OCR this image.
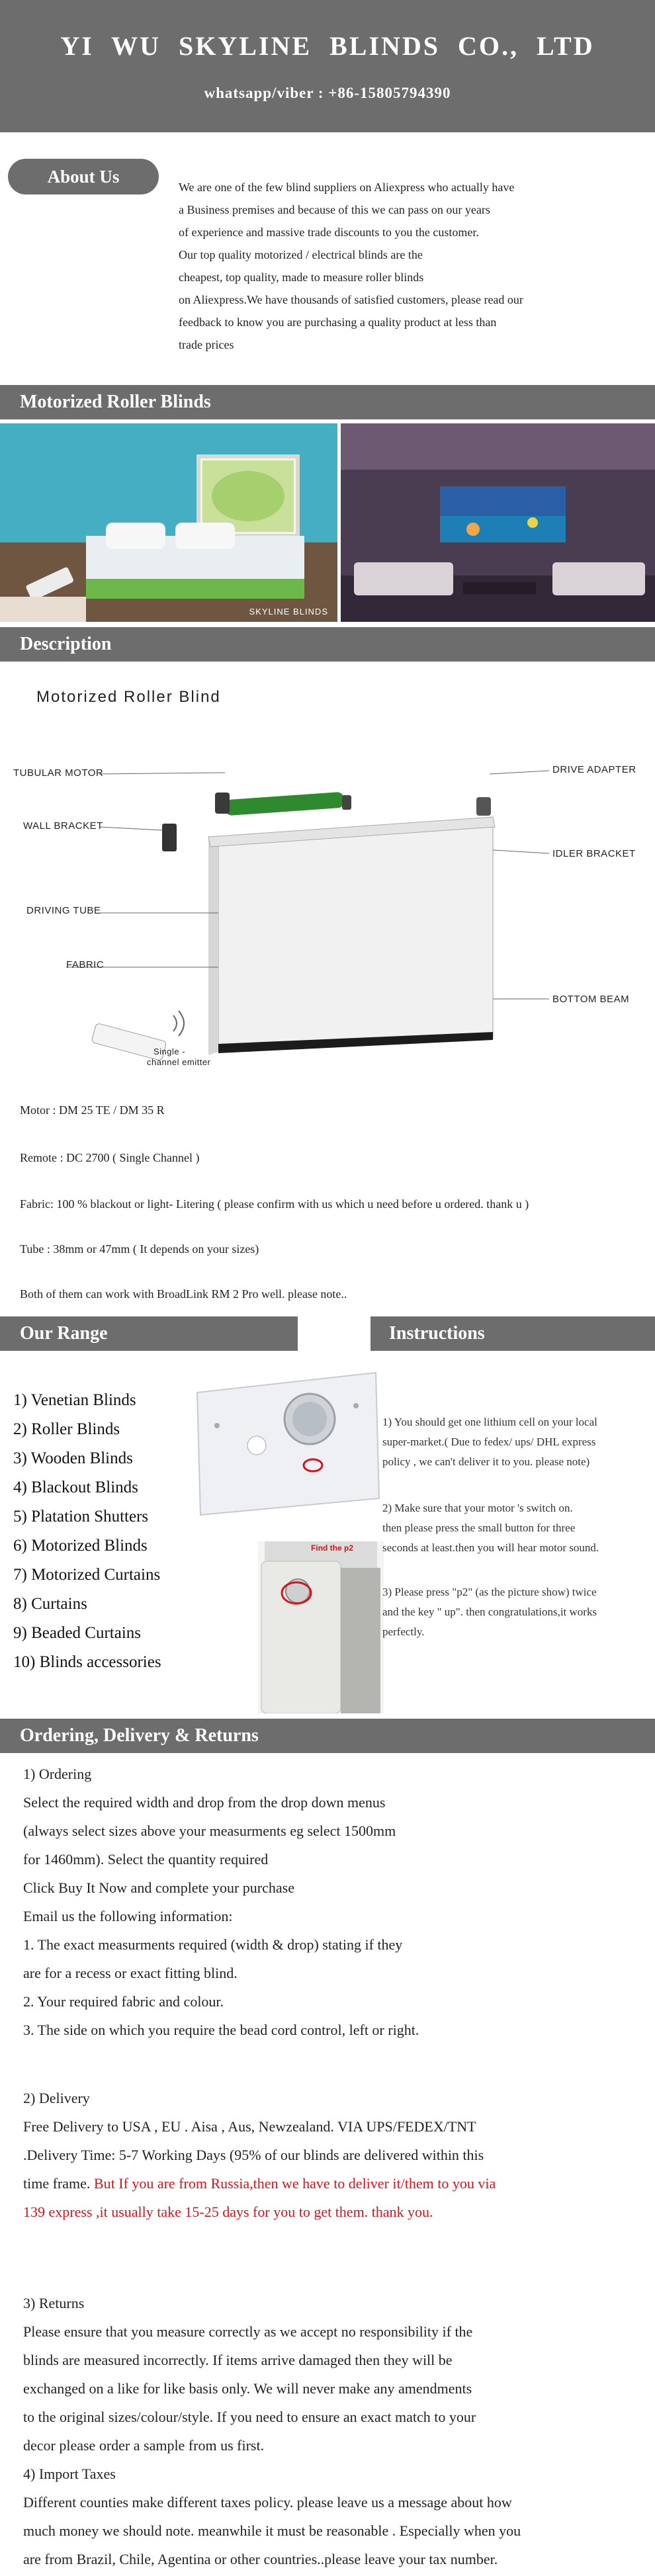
YI WU SKYLINE BLINDS CO., LTD
whatsapp/viber : +86-15805794390
About Us

We are one of the few blind suppliers on Aliexpress who actually have

a Business premises and because of this we can pass on our years

of experience and massive trade discounts to you the customer.

Our top quality motorized / electrical blinds are the

cheapest, top quality, made to measure roller blinds

on Aliexpress.We have thousands of satisfied customers, please read our

feedback to know you are purchasing a quality product at less than

trade prices

Motorized Roller Blinds
SKYLINE BLINDS
Description
Motorized Roller Blind
TUBULAR MOTOR
WALL BRACKET
DRIVING TUBE
FABRIC
DRIVE ADAPTER
IDLER BRACKET
BOTTOM BEAM
Single -
channel emitter
Motor : DM 25 TE / DM 35 R
Remote : DC 2700 ( Single Channel )
Fabric: 100 % blackout or light- Litering ( please confirm with us which u need before u ordered. thank u )
Tube : 38mm or 47mm ( It depends on your sizes)
Both of them can work with BroadLink RM 2 Pro well. please note..
Our Range	Instructions
1) Venetian Blinds
2) Roller Blinds
3) Wooden Blinds
4) Blackout Blinds
5) Platation Shutters
6) Motorized Blinds
7) Motorized Curtains
8) Curtains
9) Beaded Curtains
10) Blinds accessories
Find the p2
1) You should get one lithium cell on your local
super-market.( Due to fedex/ ups/ DHL express
policy , we can't deliver it to you. please note)
2) Make sure that your motor 's switch on.
then please press the small button for three
seconds at least.then you will hear motor sound.
3) Please press "p2" (as the picture show) twice
and the key " up". then congratulations,it works
perfectly.
Ordering, Delivery & Returns
1) Ordering
Select the required width and drop from the drop down menus
(always select sizes above your measurments eg select 1500mm
for 1460mm). Select the quantity required
Click Buy It Now and complete your purchase
Email us the following information:
1. The exact measurments required (width & drop) stating if they
are for a recess or exact fitting blind.
2. Your required fabric and colour.
3. The side on which you require the bead cord control, left or right.
2) Delivery
Free Delivery to USA , EU . Aisa , Aus, Newzealand. VIA UPS/FEDEX/TNT
.Delivery Time: 5-7 Working Days (95% of our blinds are delivered within this
time frame. But If you are from Russia,then we have to deliver it/them to you via
139 express ,it usually take 15-25 days for you to get them. thank you.
3) Returns
Please ensure that you measure correctly as we accept no responsibility if the
blinds are measured incorrectly. If items arrive damaged then they will be
exchanged on a like for like basis only. We will never make any amendments
to the original sizes/colour/style. If you need to ensure an exact match to your
decor please order a sample from us first.
4) Import Taxes
Different counties make different taxes policy. please leave us a message about how
much money we should note. meanwhile it must be reasonable . Especially when you
are from Brazil, Chile, Agentina or other countries..please leave your tax number.
